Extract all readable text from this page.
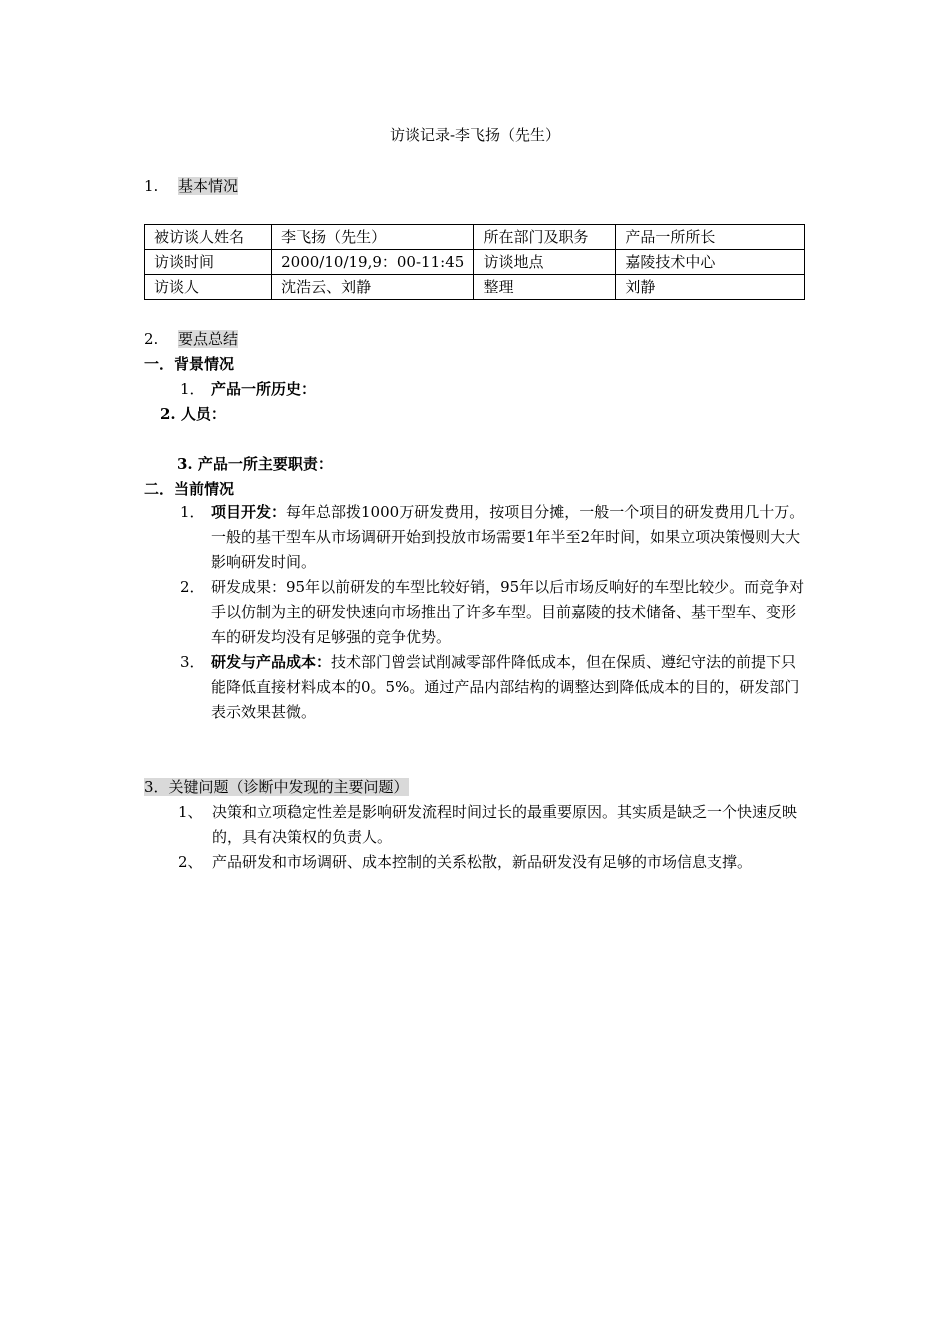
访谈记录-李飞扬（先生）
1. 基本情况
被访谈人姓名	李飞扬（先生）	所在部门及职务	产品一所所长
访谈时间	2000/10/19,9：00-11:45	访谈地点	嘉陵技术中心
访谈人	沈浩云、刘静	整理	刘静
2. 要点总结
一．背景情况
1． 产品一所历史：
2. 人员：
3. 产品一所主要职责：
二．当前情况
1． 项目开发：每年总部拨1000万研发费用，按项目分摊，一般一个项目的研发费用几十万。一般的基干型车从市场调研开始到投放市场需要1年半至2年时间，如果立项决策慢则大大影响研发时间。
2． 研发成果：95年以前研发的车型比较好销，95年以后市场反响好的车型比较少。而竞争对手以仿制为主的研发快速向市场推出了许多车型。目前嘉陵的技术储备、基干型车、变形车的研发均没有足够强的竞争优势。
3． 研发与产品成本：技术部门曾尝试削减零部件降低成本，但在保质、遵纪守法的前提下只能降低直接材料成本的0。5%。通过产品内部结构的调整达到降低成本的目的，研发部门表示效果甚微。
3．关键问题（诊断中发现的主要问题）
1、 决策和立项稳定性差是影响研发流程时间过长的最重要原因。其实质是缺乏一个快速反映的，具有决策权的负责人。
2、 产品研发和市场调研、成本控制的关系松散，新品研发没有足够的市场信息支撑。
